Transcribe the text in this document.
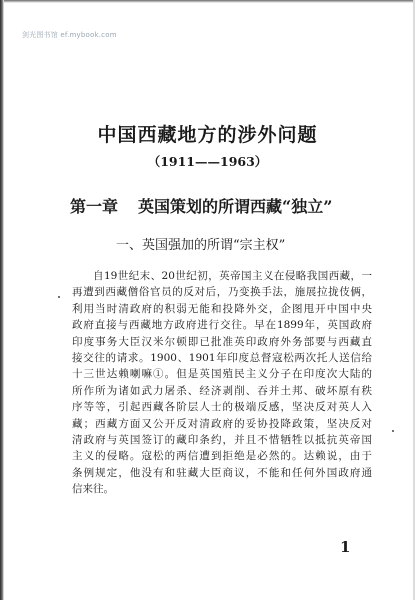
剑光图书馆 ef.mybook.com
中国西藏地方的涉外问题
（1911——1963）
第一章 英国策划的所谓西藏“独立”
一、英国强加的所谓“宗主权”
自19世纪末、20世纪初，英帝国主义在侵略我国西藏，一
再遭到西藏僧俗官员的反对后，乃变换手法，施展拉拢伎俩，
利用当时清政府的积弱无能和投降外交，企图甩开中国中央
政府直接与西藏地方政府进行交往。早在1899年，英国政府
印度事务大臣汉米尔顿即已批准英印政府外务部要与西藏直
接交往的请求。1900、1901年印度总督寇松两次托人送信给
十三世达赖喇嘛①。但是英国殖民主义分子在印度次大陆的
所作所为诸如武力屠杀、经济剥削、吞并土邦、破坏原有秩
序等等，引起西藏各阶层人士的极端反感，坚决反对英人入
藏；西藏方面又公开反对清政府的妥协投降政策，坚决反对
清政府与英国签订的藏印条约，并且不惜牺牲以抵抗英帝国
主义的侵略。寇松的两信遭到拒绝是必然的。达赖说，由于
条例规定，他没有和驻藏大臣商议，不能和任何外国政府通
信来往。
1
